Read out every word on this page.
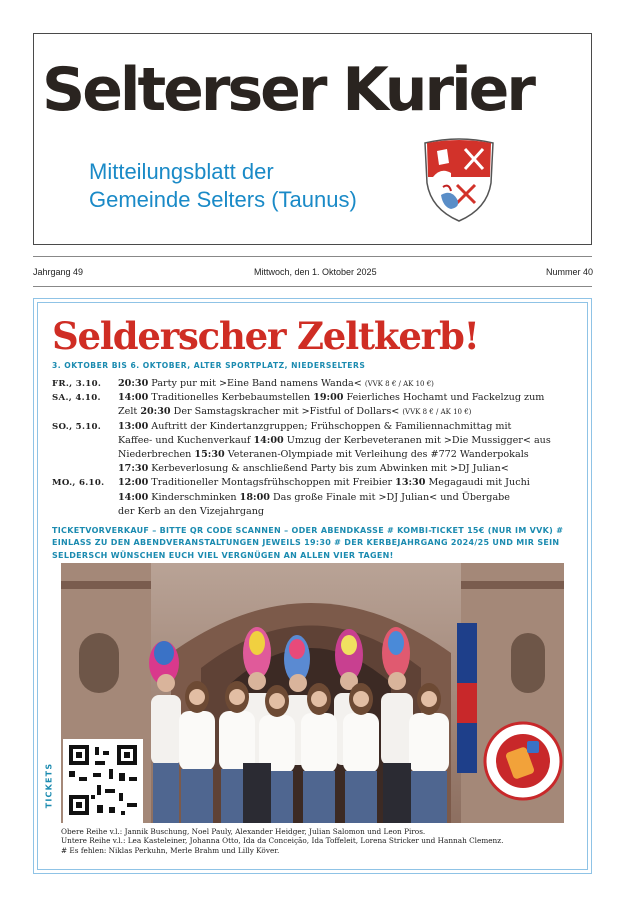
Selterser Kurier
Mitteilungsblatt der
Gemeinde Selters (Taunus)
Jahrgang 49	Mittwoch, den 1. Oktober 2025	Nummer 40
Selderscher Zeltkerb!
3. OKTOBER BIS 6. OKTOBER, ALTER SPORTPLATZ, NIEDERSELTERS
FR., 3.10.	20:30 Party pur mit >Eine Band namens Wanda< (VVK 8 € / AK 10 €)
SA., 4.10.	14:00 Traditionelles Kerbebaumstellen 19:00 Feierliches Hochamt und Fackelzug zum
Zelt 20:30 Der Samstagskracher mit >Fistful of Dollars< (VVK 8 € / AK 10 €)
SO., 5.10.	13:00 Auftritt der Kindertanzgruppen; Frühschoppen & Familiennachmittag mit
Kaffee- und Kuchenverkauf 14:00 Umzug der Kerbeveteranen mit >Die Mussigger< aus
Niederbrechen 15:30 Veteranen-Olympiade mit Verleihung des #772 Wanderpokals
17:30 Kerbeverlosung & anschließend Party bis zum Abwinken mit >DJ Julian<
MO., 6.10.	12:00 Traditioneller Montagsfrühschoppen mit Freibier 13:30 Megagaudi mit Juchi
14:00 Kinderschminken 18:00 Das große Finale mit >DJ Julian< und Übergabe
der Kerb an den Vizejahrgang
TICKETVORVERKAUF – BITTE QR CODE SCANNEN – ODER ABENDKASSE # KOMBI-TICKET 15€ (NUR IM VVK) # EINLASS ZU DEN ABENDVERANSTALTUNGEN JEWEILS 19:30 # DER KERBEJAHRGANG 2024/25 UND MIR SEIN SELDERSCH WÜNSCHEN EUCH VIEL VERGNÜGEN AN ALLEN VIER TAGEN!
TICKETS
Obere Reihe v.l.: Jannik Buschung, Noel Pauly, Alexander Heidger, Julian Salomon und Leon Piros.
Untere Reihe v.l.: Lea Kasteleiner, Johanna Otto, Ida da Conceição, Ida Toffeleit, Lorena Stricker und Hannah Clemenz.
# Es fehlen: Niklas Perkuhn, Merle Brahm und Lilly Köver.
